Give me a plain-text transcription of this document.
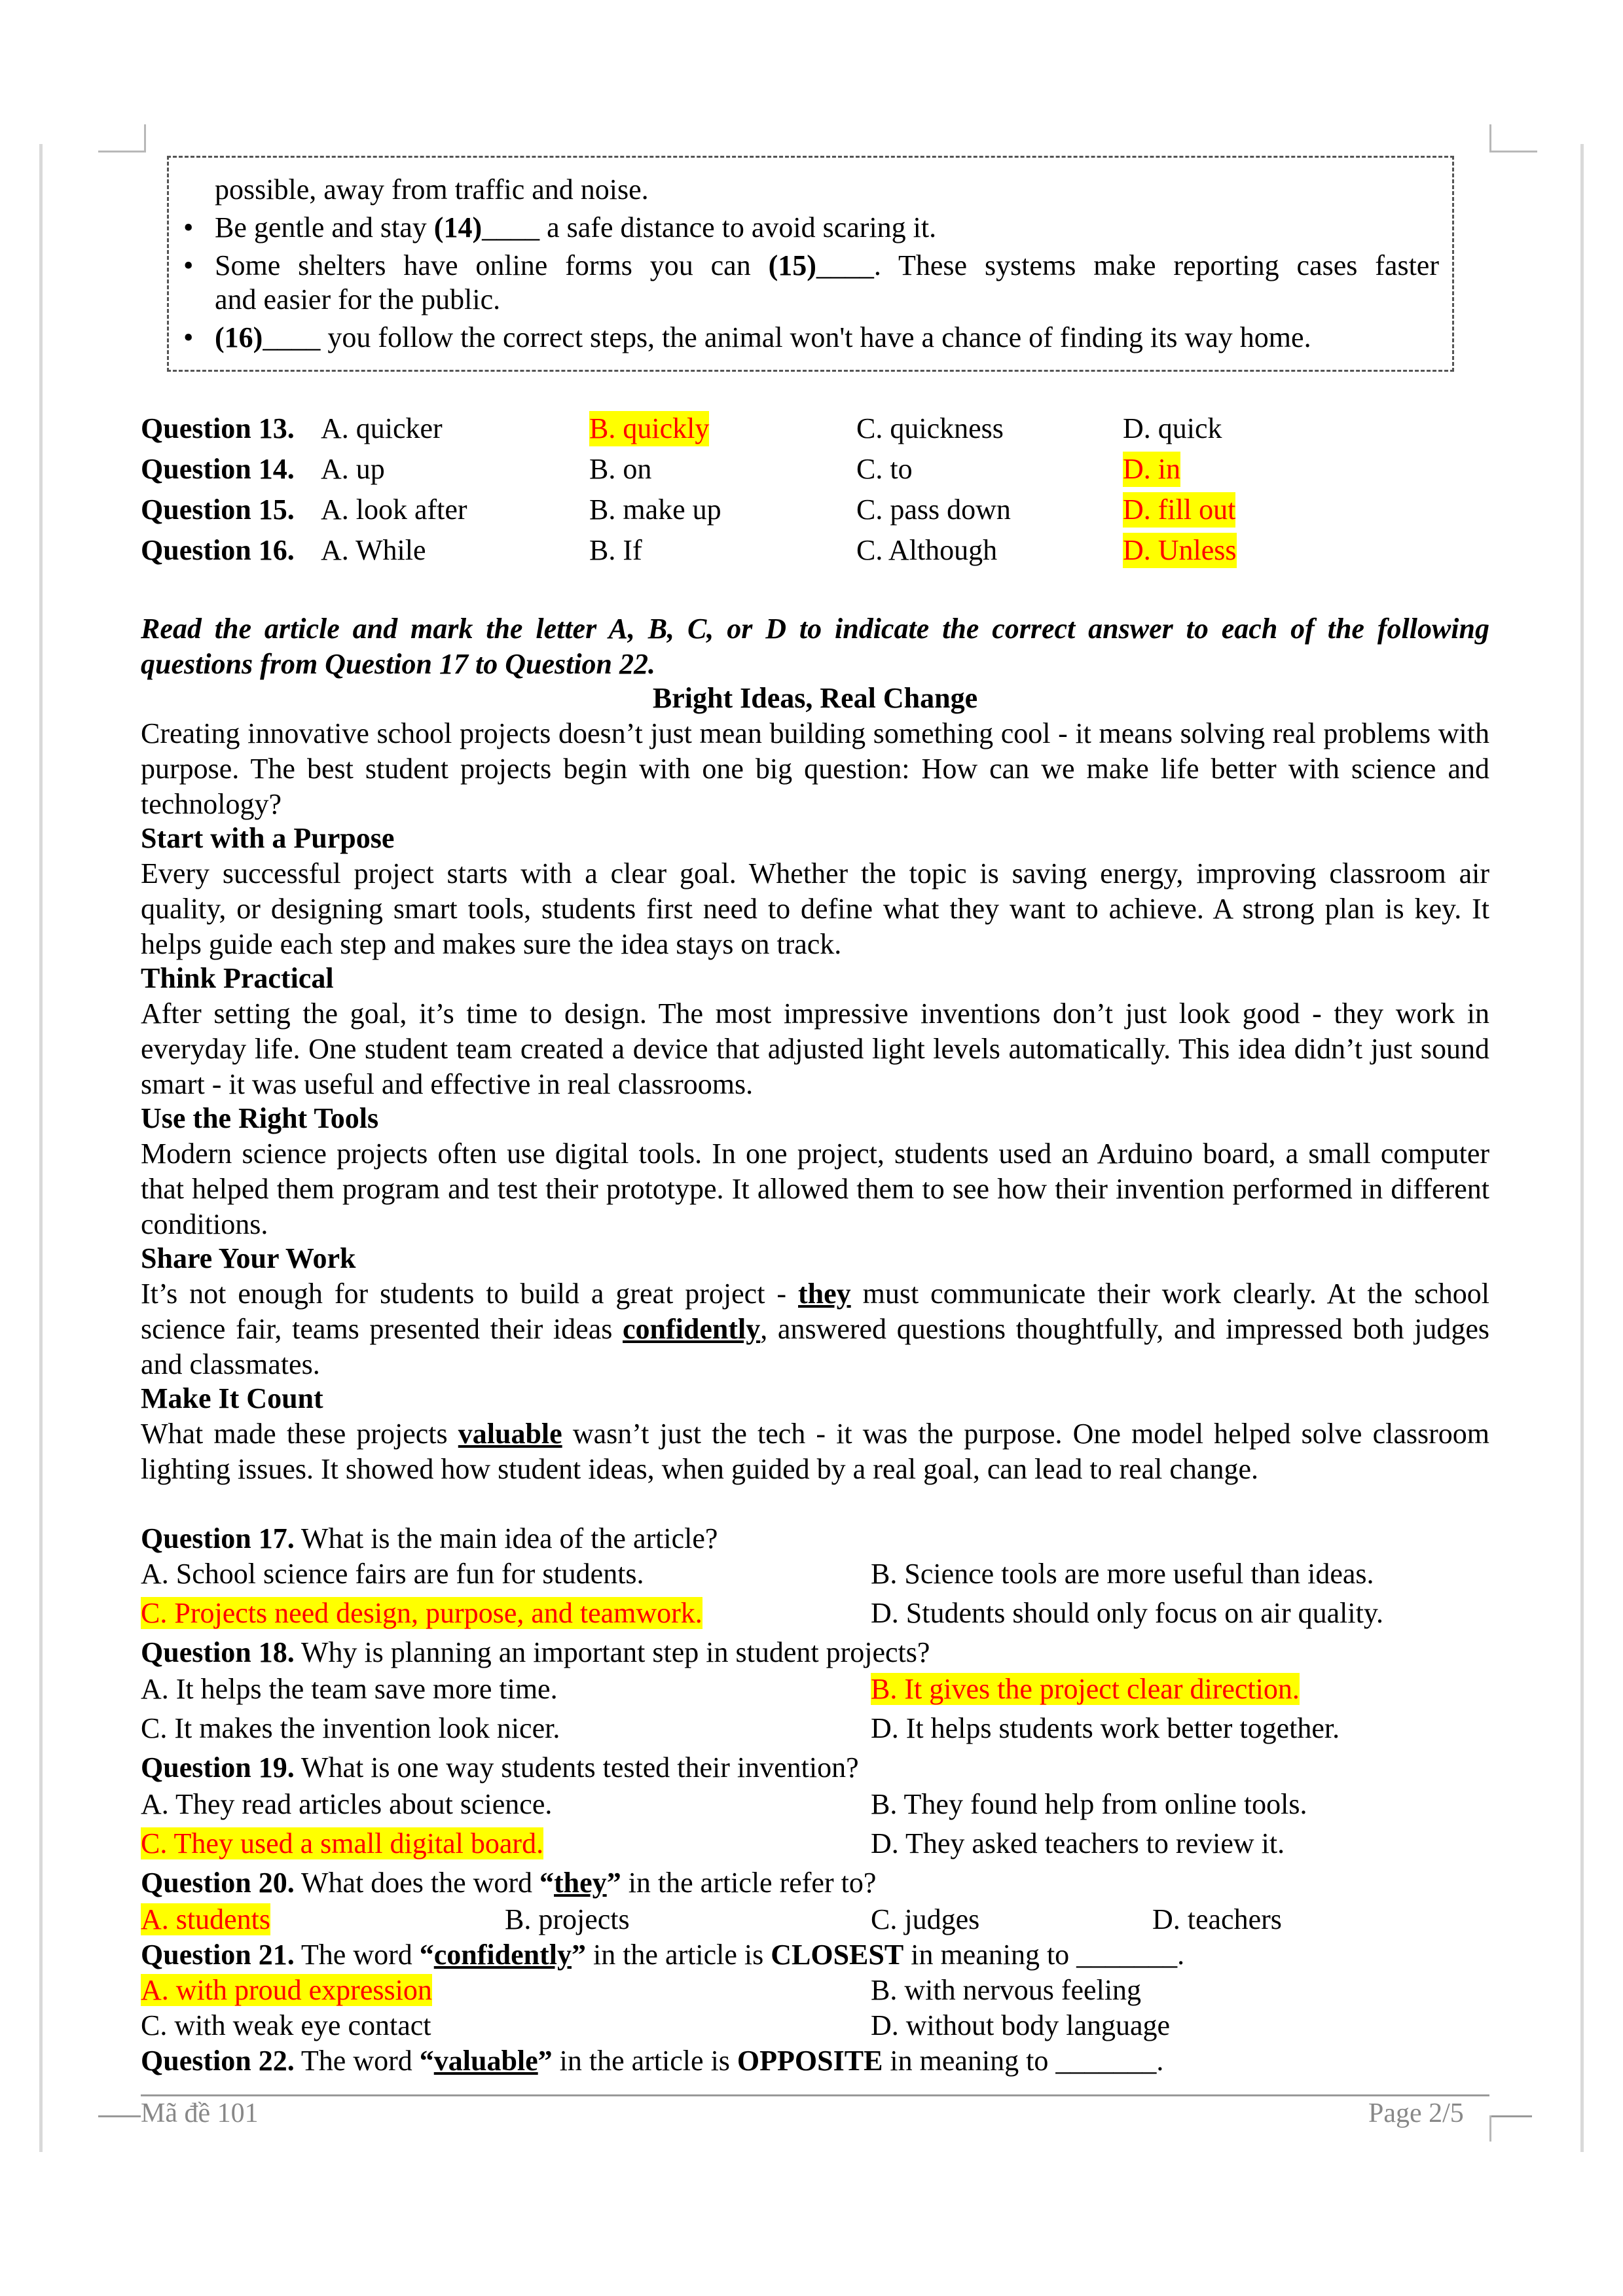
possible, away from traffic and noise.
• Be gentle and stay (14)____ a safe distance to avoid scaring it.
• Some shelters have online forms you can (15)____. These systems make reporting cases faster
and easier for the public.
• (16)____ you follow the correct steps, the animal won't have a chance of finding its way home.
Question 13. A. quicker	B. quickly	C. quickness	D. quick
Question 14. A. up	B. on	C. to	D. in
Question 15. A. look after	B. make up	C. pass down	D. fill out
Question 16. A. While	B. If	C. Although	D. Unless
Read the article and mark the letter A, B, C, or D to indicate the correct answer to each of the following
questions from Question 17 to Question 22.
Bright Ideas, Real Change
Creating innovative school projects doesn’t just mean building something cool - it means solving real problems with purpose. The best student projects begin with one big question: How can we make life better with science and technology?
Start with a Purpose
Every successful project starts with a clear goal. Whether the topic is saving energy, improving classroom air quality, or designing smart tools, students first need to define what they want to achieve. A strong plan is key. It helps guide each step and makes sure the idea stays on track.
Think Practical
After setting the goal, it’s time to design. The most impressive inventions don’t just look good - they work in everyday life. One student team created a device that adjusted light levels automatically. This idea didn’t just sound smart - it was useful and effective in real classrooms.
Use the Right Tools
Modern science projects often use digital tools. In one project, students used an Arduino board, a small computer that helped them program and test their prototype. It allowed them to see how their invention performed in different conditions.
Share Your Work
It’s not enough for students to build a great project - they must communicate their work clearly. At the school science fair, teams presented their ideas confidently, answered questions thoughtfully, and impressed both judges and classmates.
Make It Count
What made these projects valuable wasn’t just the tech - it was the purpose. One model helped solve classroom lighting issues. It showed how student ideas, when guided by a real goal, can lead to real change.
Question 17. What is the main idea of the article?
A. School science fairs are fun for students.	B. Science tools are more useful than ideas.
C. Projects need design, purpose, and teamwork.	D. Students should only focus on air quality.
Question 18. Why is planning an important step in student projects?
A. It helps the team save more time.	B. It gives the project clear direction.
C. It makes the invention look nicer.	D. It helps students work better together.
Question 19. What is one way students tested their invention?
A. They read articles about science.	B. They found help from online tools.
C. They used a small digital board.	D. They asked teachers to review it.
Question 20. What does the word “they” in the article refer to?
A. students	B. projects	C. judges	D. teachers
Question 21. The word “confidently” in the article is CLOSEST in meaning to _______.
A. with proud expression	B. with nervous feeling
C. with weak eye contact	D. without body language
Question 22. The word “valuable” in the article is OPPOSITE in meaning to _______.
Mã đề 101	Page 2/5
